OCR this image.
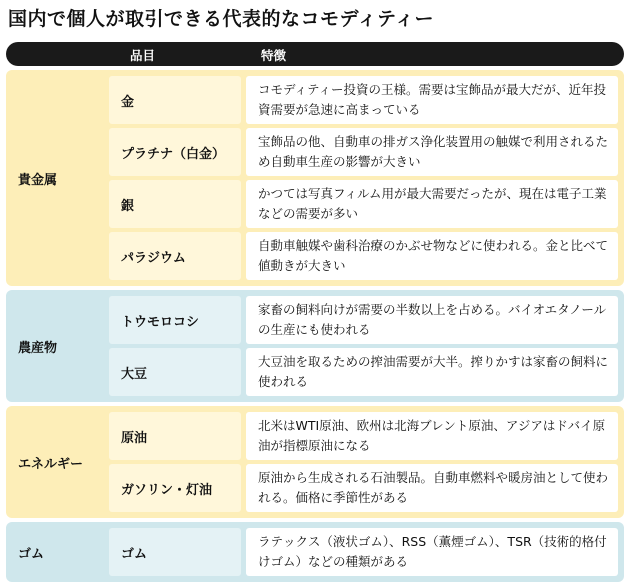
国内で個人が取引できる代表的なコモディティー
品目	特徴
貴金属
金
コモディティー投資の王様。需要は宝飾品が最大だが、近年投資需要が急速に高まっている
プラチナ（白金）
宝飾品の他、自動車の排ガス浄化装置用の触媒で利用されるため自動車生産の影響が大きい
銀
かつては写真フィルム用が最大需要だったが、現在は電子工業などの需要が多い
パラジウム
自動車触媒や歯科治療のかぶせ物などに使われる。金と比べて値動きが大きい
農産物
トウモロコシ
家畜の飼料向けが需要の半数以上を占める。バイオエタノールの生産にも使われる
大豆
大豆油を取るための搾油需要が大半。搾りかすは家畜の飼料に使われる
エネルギー
原油
北米はWTI原油、欧州は北海ブレント原油、アジアはドバイ原油が指標原油になる
ガソリン・灯油
原油から生成される石油製品。自動車燃料や暖房油として使われる。価格に季節性がある
ゴム	ゴム
ラテックス（液状ゴム）、RSS（薫煙ゴム）、TSR（技術的格付けゴム）などの種類がある
